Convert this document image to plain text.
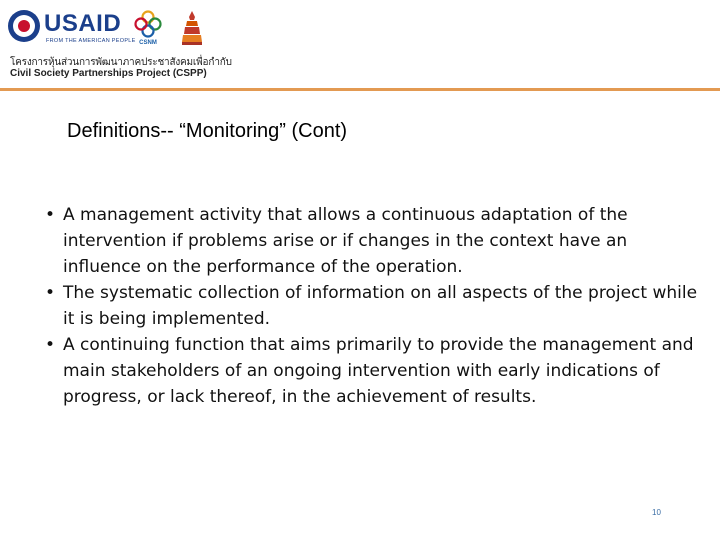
USAID
FROM THE AMERICAN PEOPLE CSNM
โครงการหุ้นส่วนการพัฒนาภาคประชาสังคมเพื่อกำกับ
Civil Society Partnerships Project (CSPP)
Definitions-- “Monitoring” (Cont)
• A management activity that allows a continuous adaptation of the intervention if problems arise or if changes in the context have an influence on the performance of the operation.
• The systematic collection of information on all aspects of the project while it is being implemented.
• A continuing function that aims primarily to provide the management and main stakeholders of an ongoing intervention with early indications of progress, or lack thereof, in the achievement of results.
10
